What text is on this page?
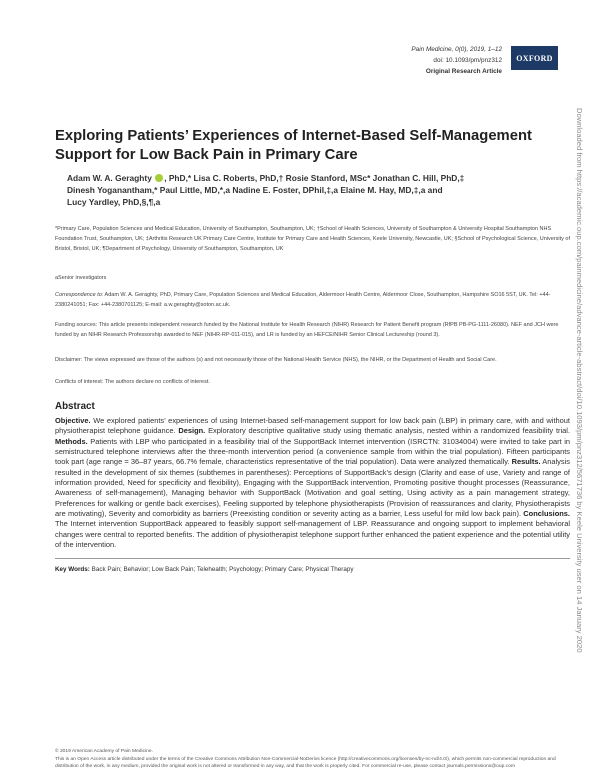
Pain Medicine, 0(0), 2019, 1–12
doi: 10.1093/pm/pnz312
Original Research Article
OXFORD
Downloaded from https://academic.oup.com/painmedicine/advance-article-abstract/doi/10.1093/pm/pnz312/5671736 by Keele University user on 14 January 2020
Exploring Patients’ Experiences of Internet-Based Self-Management
Support for Low Back Pain in Primary Care
Adam W. A. Geraghty , PhD,* Lisa C. Roberts, PhD,† Rosie Stanford, MSc* Jonathan C. Hill, PhD,‡
Dinesh Yoganantham,* Paul Little, MD,*,a Nadine E. Foster, DPhil,‡,a Elaine M. Hay, MD,‡,a and
Lucy Yardley, PhD,§,¶,a
*Primary Care, Population Sciences and Medical Education, University of Southampton, Southampton, UK; †School of Health Sciences, University of Southampton & University Hospital Southampton NHS Foundation Trust, Southampton, UK; ‡Arthritis Research UK Primary Care Centre, Institute for Primary Care and Health Sciences, Keele University, Newcastle, UK; §School of Psychological Science, University of Bristol, Bristol, UK; ¶Department of Psychology, University of Southampton, Southampton, UK
aSenior investigators
Correspondence to: Adam W. A. Geraghty, PhD, Primary Care, Population Sciences and Medical Education, Aldermoor Health Centre, Aldermoor Close, Southampton, Hampshire SO16 5ST, UK. Tel: +44-2380241051; Fax: +44-2380701125; E-mail: a.w.geraghty@soton.ac.uk.
Funding sources: This article presents independent research funded by the National Institute for Health Research (NIHR) Research for Patient Benefit program (RfPB PB-PG-1111-26080). NEF and JCH were funded by an NIHR Research Professorship awarded to NEF (NIHR-RP-011-015), and LR is funded by an HEFCE/NIHR Senior Clinical Lectureship (round 3).
Disclaimer: The views expressed are those of the authors (s) and not necessarily those of the National Health Service (NHS), the NIHR, or the Department of Health and Social Care.
Conflicts of interest: The authors declare no conflicts of interest.
Abstract
Objective. We explored patients’ experiences of using Internet-based self-management support for low back pain (LBP) in primary care, with and without physiotherapist telephone guidance. Design. Exploratory descriptive qualitative study using thematic analysis, nested within a randomized feasibility trial. Methods. Patients with LBP who participated in a feasibility trial of the SupportBack Internet intervention (ISRCTN: 31034004) were invited to take part in semistructured telephone interviews after the three-month intervention period (a convenience sample from within the trial population). Fifteen participants took part (age range = 36–87 years, 66.7% female, characteristics representative of the trial population). Data were analyzed thematically. Results. Analysis resulted in the development of six themes (subthemes in parentheses): Perceptions of SupportBack’s design (Clarity and ease of use, Variety and range of information provided, Need for specificity and flexibility), Engaging with the SupportBack intervention, Promoting positive thought processes (Reassurance, Awareness of self-management), Managing behavior with SupportBack (Motivation and goal setting, Using activity as a pain management strategy, Preferences for walking or gentle back exercises), Feeling supported by telephone physiotherapists (Provision of reassurances and clarity, Physiotherapists are motivating), Severity and comorbidity as barriers (Preexisting condition or severity acting as a barrier, Less useful for mild low back pain). Conclusions. The Internet intervention SupportBack appeared to feasibly support self-management of LBP. Reassurance and ongoing support to implement behavioral changes were central to reported benefits. The addition of physiotherapist telephone support further enhanced the patient experience and the potential utility of the intervention.
Key Words: Back Pain; Behavior; Low Back Pain; Telehealth; Psychology; Primary Care; Physical Therapy
© 2019 American Academy of Pain Medicine.
This is an Open Access article distributed under the terms of the Creative Commons Attribution Non-Commercial-NoDerivs licence (http://creativecommons.org/licenses/by-nc-nd/4.0/), which permits non-commercial reproduction and distribution of the work, in any medium, provided the original work is not altered or transformed in any way, and that the work is properly cited. For commercial re-use, please contact journals.permissions@oup.com
